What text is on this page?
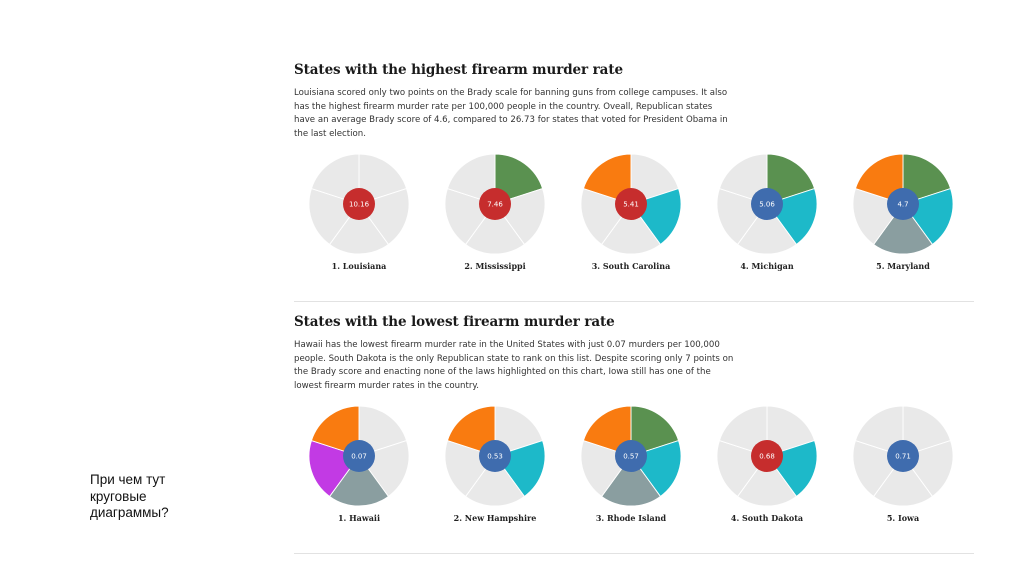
States with the highest firearm murder rate

Louisiana scored only two points on the Brady scale for banning guns from college campuses. It also has the highest firearm murder rate per 100,000 people in the country. Oveall, Republican states have an average Brady score of 4.6, compared to 26.73 for states that voted for President Obama in the last election.

10.16
1. Louisiana
7.46
2. Mississippi
5.41
3. South Carolina
5.06
4. Michigan
4.7
5. Maryland
States with the lowest firearm murder rate

Hawaii has the lowest firearm murder rate in the United States with just 0.07 murders per 100,000 people. South Dakota is the only Republican state to rank on this list. Despite scoring only 7 points on the Brady score and enacting none of the laws highlighted on this chart, Iowa still has one of the lowest firearm murder rates in the country.

0.07
1. Hawaii
0.53
2. New Hampshire
0.57
3. Rhode Island
0.68
4. South Dakota
0.71
5. Iowa
При чем тут
круговые
диаграммы?
